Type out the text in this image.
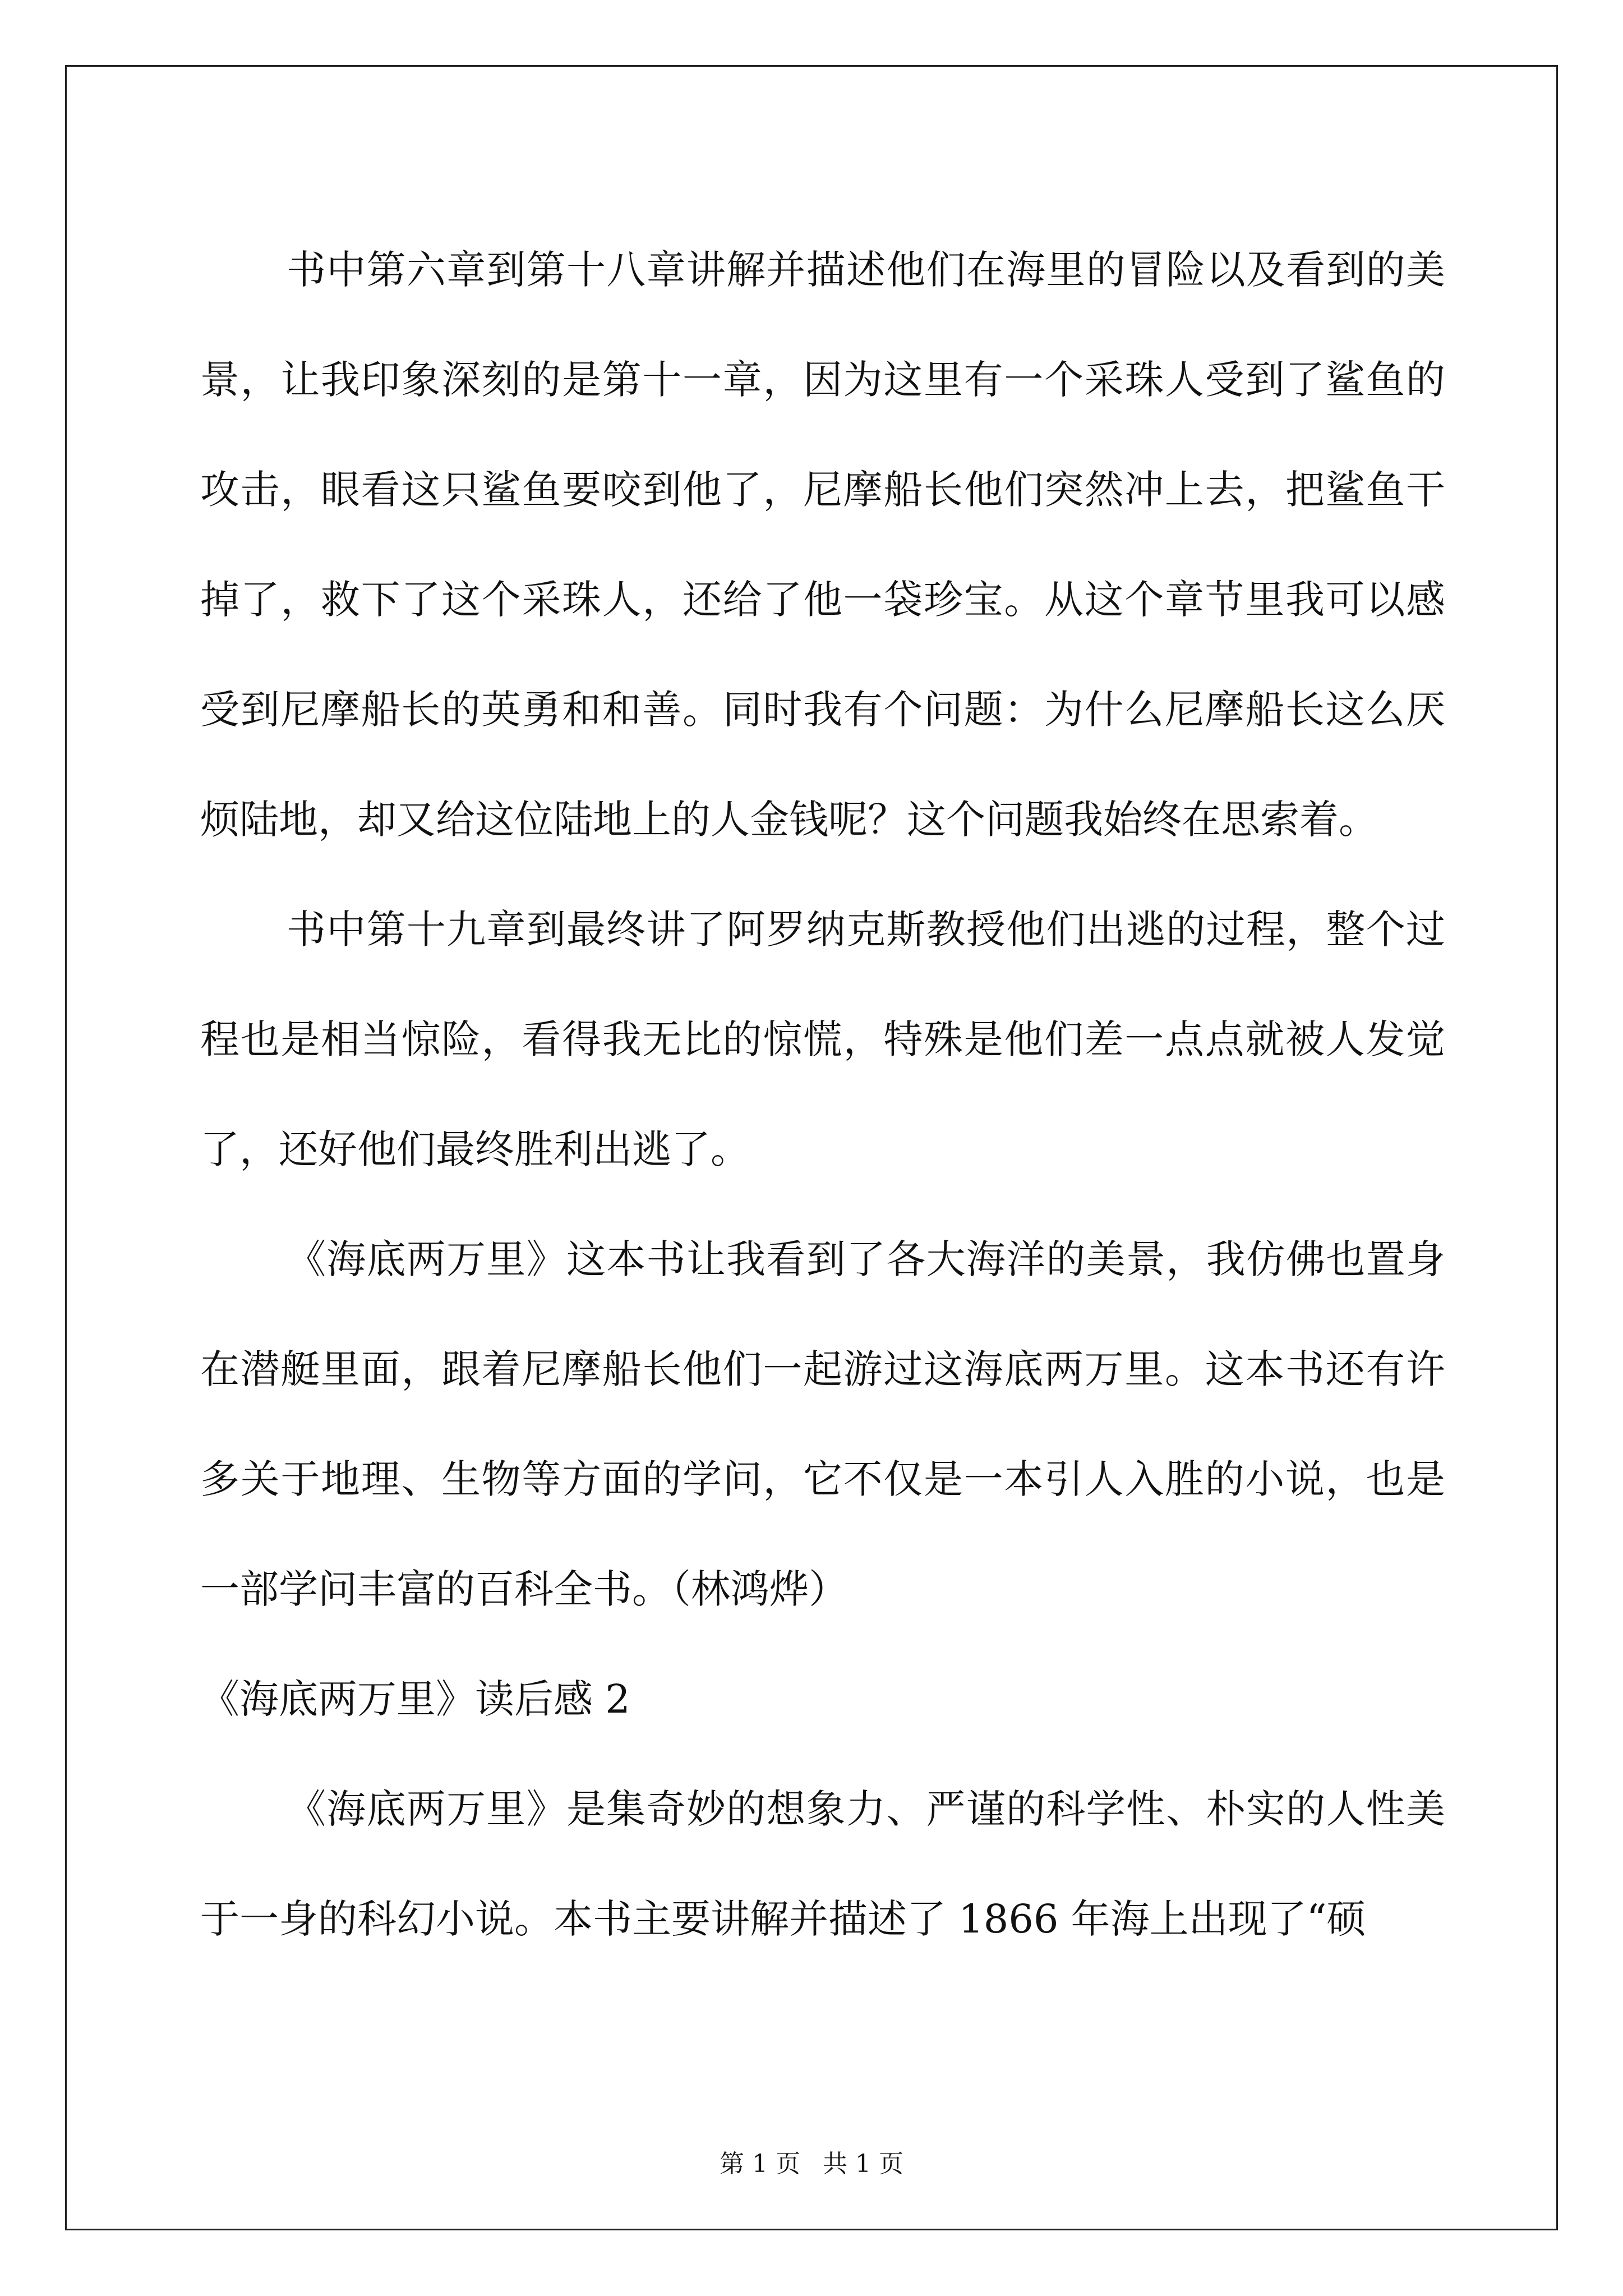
书中第六章到第十八章讲解并描述他们在海里的冒险以及看到的美景，让我印象深刻的是第十一章，因为这里有一个采珠人受到了鲨鱼的攻击，眼看这只鲨鱼要咬到他了，尼摩船长他们突然冲上去，把鲨鱼干掉了，救下了这个采珠人，还给了他一袋珍宝。从这个章节里我可以感受到尼摩船长的英勇和和善。同时我有个问题：为什么尼摩船长这么厌烦陆地，却又给这位陆地上的人金钱呢？这个问题我始终在思索着。

书中第十九章到最终讲了阿罗纳克斯教授他们出逃的过程，整个过程也是相当惊险，看得我无比的惊慌，特殊是他们差一点点就被人发觉了，还好他们最终胜利出逃了。

《海底两万里》这本书让我看到了各大海洋的美景，我仿佛也置身在潜艇里面，跟着尼摩船长他们一起游过这海底两万里。这本书还有许多关于地理、生物等方面的学问，它不仅是一本引人入胜的小说，也是一部学问丰富的百科全书。（林鸿烨）

《海底两万里》读后感 2

《海底两万里》是集奇妙的想象力、严谨的科学性、朴实的人性美于一身的科幻小说。本书主要讲解并描述了 1866 年海上出现了“硕

第 1 页 共 1 页
